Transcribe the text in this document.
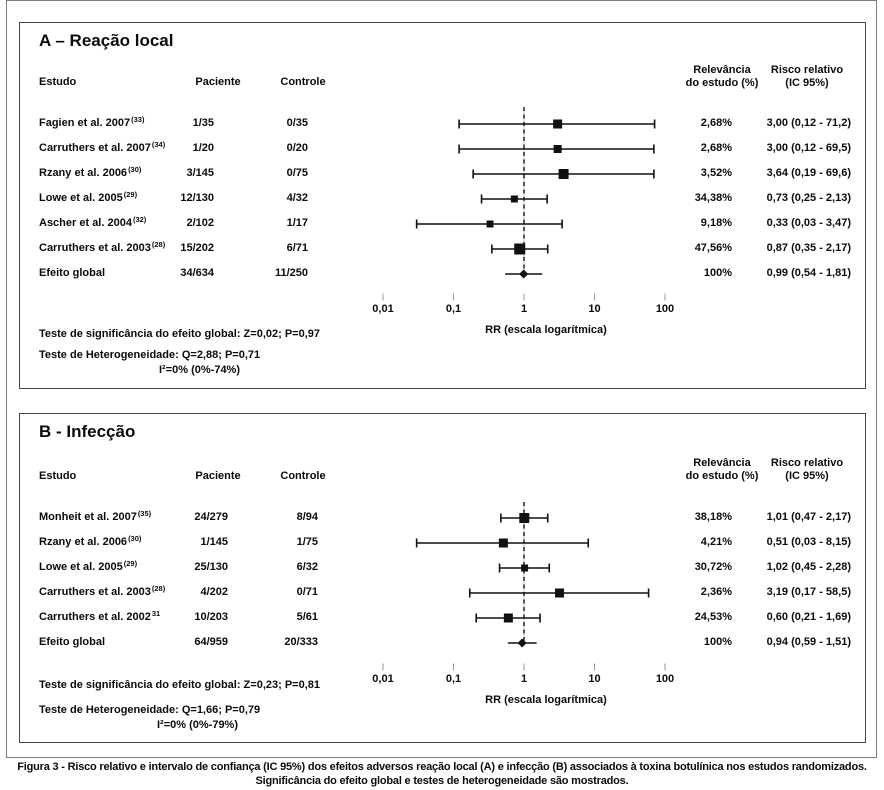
A – Reação local
Estudo	Paciente	Controle
Relevância
do estudo (%)
Risco relativo
(IC 95%)
Fagien et al. 2007$^{(33)}$	1/35	0/35	2,68%	3,00 (0,12 - 71,2)
Carruthers et al. 2007$^{(34)}$	1/20	0/20	2,68%	3,00 (0,12 - 69,5)
Rzany et al. 2006$^{(30)}$	3/145	0/75	3,52%	3,64 (0,19 - 69,6)
Lowe et al. 2005$^{(29)}$	12/130	4/32	34,38%	0,73 (0,25 - 2,13)
Ascher et al. 2004$^{(32)}$	2/102	1/17	9,18%	0,33 (0,03 - 3,47)
Carruthers et al. 2003$^{(28)}$	15/202	6/71	47,56%	0,87 (0,35 - 2,17)
Efeito global	34/634	11/250	100%	0,99 (0,54 - 1,81)
0,01	0,1	1	10	100
RR (escala logarítmica)
Teste de significância do efeito global: Z=0,02; P=0,97
Teste de Heterogeneidade: Q=2,88; P=0,71
I²=0% (0%-74%)
B - Infecção
Estudo	Paciente	Controle
Relevância
do estudo (%)
Risco relativo
(IC 95%)
Monheit et al. 2007$^{(35)}$	24/279	8/94	38,18%	1,01 (0,47 - 2,17)
Rzany et al. 2006$^{(30)}$	1/145	1/75	4,21%	0,51 (0,03 - 8,15)
Lowe et al. 2005$^{(29)}$	25/130	6/32	30,72%	1,02 (0,45 - 2,28)
Carruthers et al. 2003$^{(28)}$	4/202	0/71	2,36%	3,19 (0,17 - 58,5)
Carruthers et al. 2002$^{31}$	10/203	5/61	24,53%	0,60 (0,21 - 1,69)
Efeito global	64/959	20/333	100%	0,94 (0,59 - 1,51)
0,01	0,1	1	10	100
RR (escala logarítmica)
Teste de significância do efeito global: Z=0,23; P=0,81
Teste de Heterogeneidade: Q=1,66; P=0,79
I²=0% (0%-79%)
Figura 3 - Risco relativo e intervalo de confiança (IC 95%) dos efeitos adversos reação local (A) e infecção (B) associados à toxina botulínica nos estudos randomizados.
Significância do efeito global e testes de heterogeneidade são mostrados.
